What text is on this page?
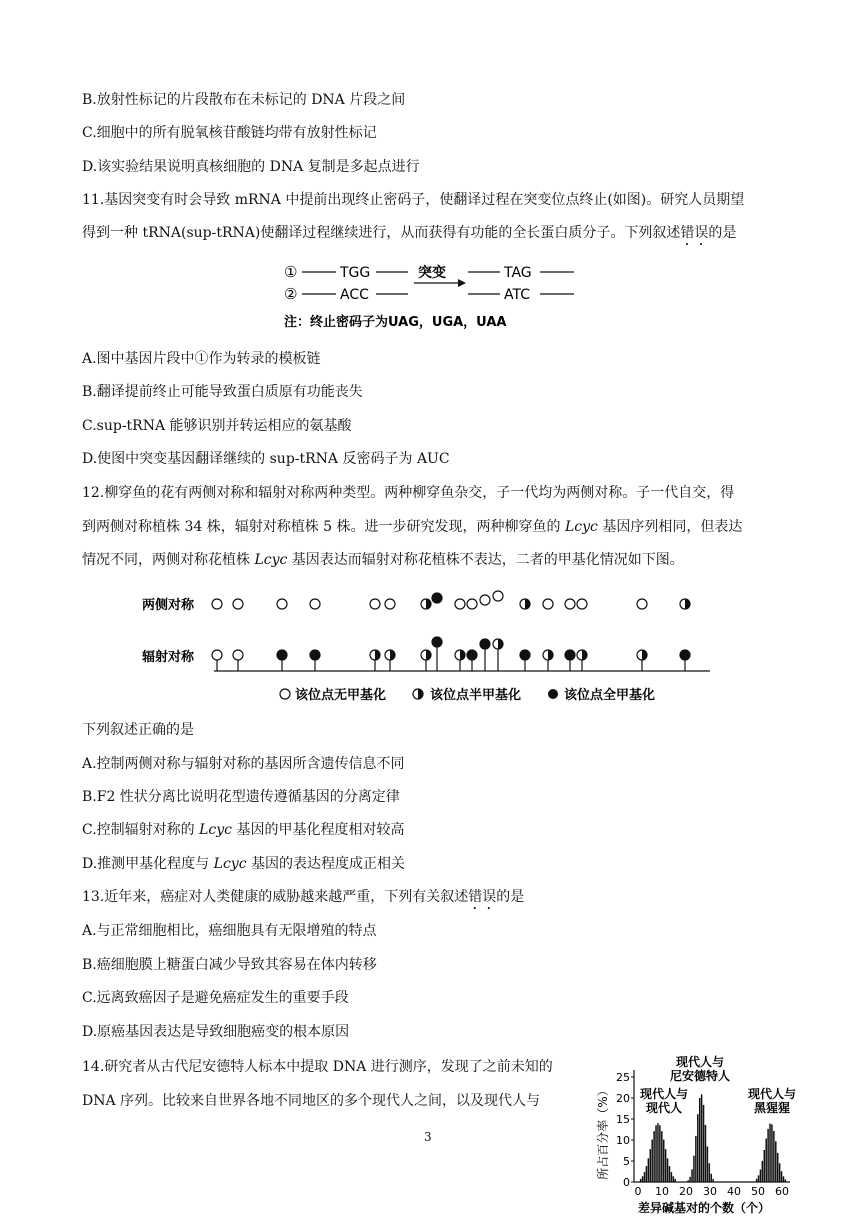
B.放射性标记的片段散布在未标记的 DNA 片段之间
C.细胞中的所有脱氧核苷酸链均带有放射性标记
D.该实验结果说明真核细胞的 DNA 复制是多起点进行
11.基因突变有时会导致 mRNA 中提前出现终止密码子，使翻译过程在突变位点终止(如图)。研究人员期望
得到一种 tRNA(sup-tRNA)使翻译过程继续进行，从而获得有功能的全长蛋白质分子。下列叙述错误的是
①	TGG
②	ACC
突变	TAG
ATC
注：终止密码子为UAG，UGA，UAA
A.图中基因片段中①作为转录的模板链
B.翻译提前终止可能导致蛋白质原有功能丧失
C.sup-tRNA 能够识别并转运相应的氨基酸
D.使图中突变基因翻译继续的 sup-tRNA 反密码子为 AUC
12.柳穿鱼的花有两侧对称和辐射对称两种类型。两种柳穿鱼杂交，子一代均为两侧对称。子一代自交，得
到两侧对称植株 34 株，辐射对称植株 5 株。进一步研究发现，两种柳穿鱼的 Lcyc 基因序列相同，但表达
情况不同，两侧对称花植株 Lcyc 基因表达而辐射对称花植株不表达，二者的甲基化情况如下图。
两侧对称
辐射对称
该位点无甲基化	该位点半甲基化	该位点全甲基化
下列叙述正确的是
A.控制两侧对称与辐射对称的基因所含遗传信息不同
B.F2 性状分离比说明花型遗传遵循基因的分离定律
C.控制辐射对称的 Lcyc 基因的甲基化程度相对较高
D.推测甲基化程度与 Lcyc 基因的表达程度成正相关
13.近年来，癌症对人类健康的威胁越来越严重，下列有关叙述错误的是
A.与正常细胞相比，癌细胞具有无限增殖的特点
B.癌细胞膜上糖蛋白减少导致其容易在体内转移
C.远离致癌因子是避免癌症发生的重要手段
D.原癌基因表达是导致细胞癌变的根本原因
14.研究者从古代尼安德特人标本中提取 DNA 进行测序，发现了之前未知的
DNA 序列。比较来自世界各地不同地区的多个现代人之间，以及现代人与	所占百分率（%）
0
5
10
15
20
25
0 10 20 30 40 50 60
现代人与
现代人
现代人与
尼安德特人
现代人与
黑猩猩
差异碱基对的个数（个）
3
